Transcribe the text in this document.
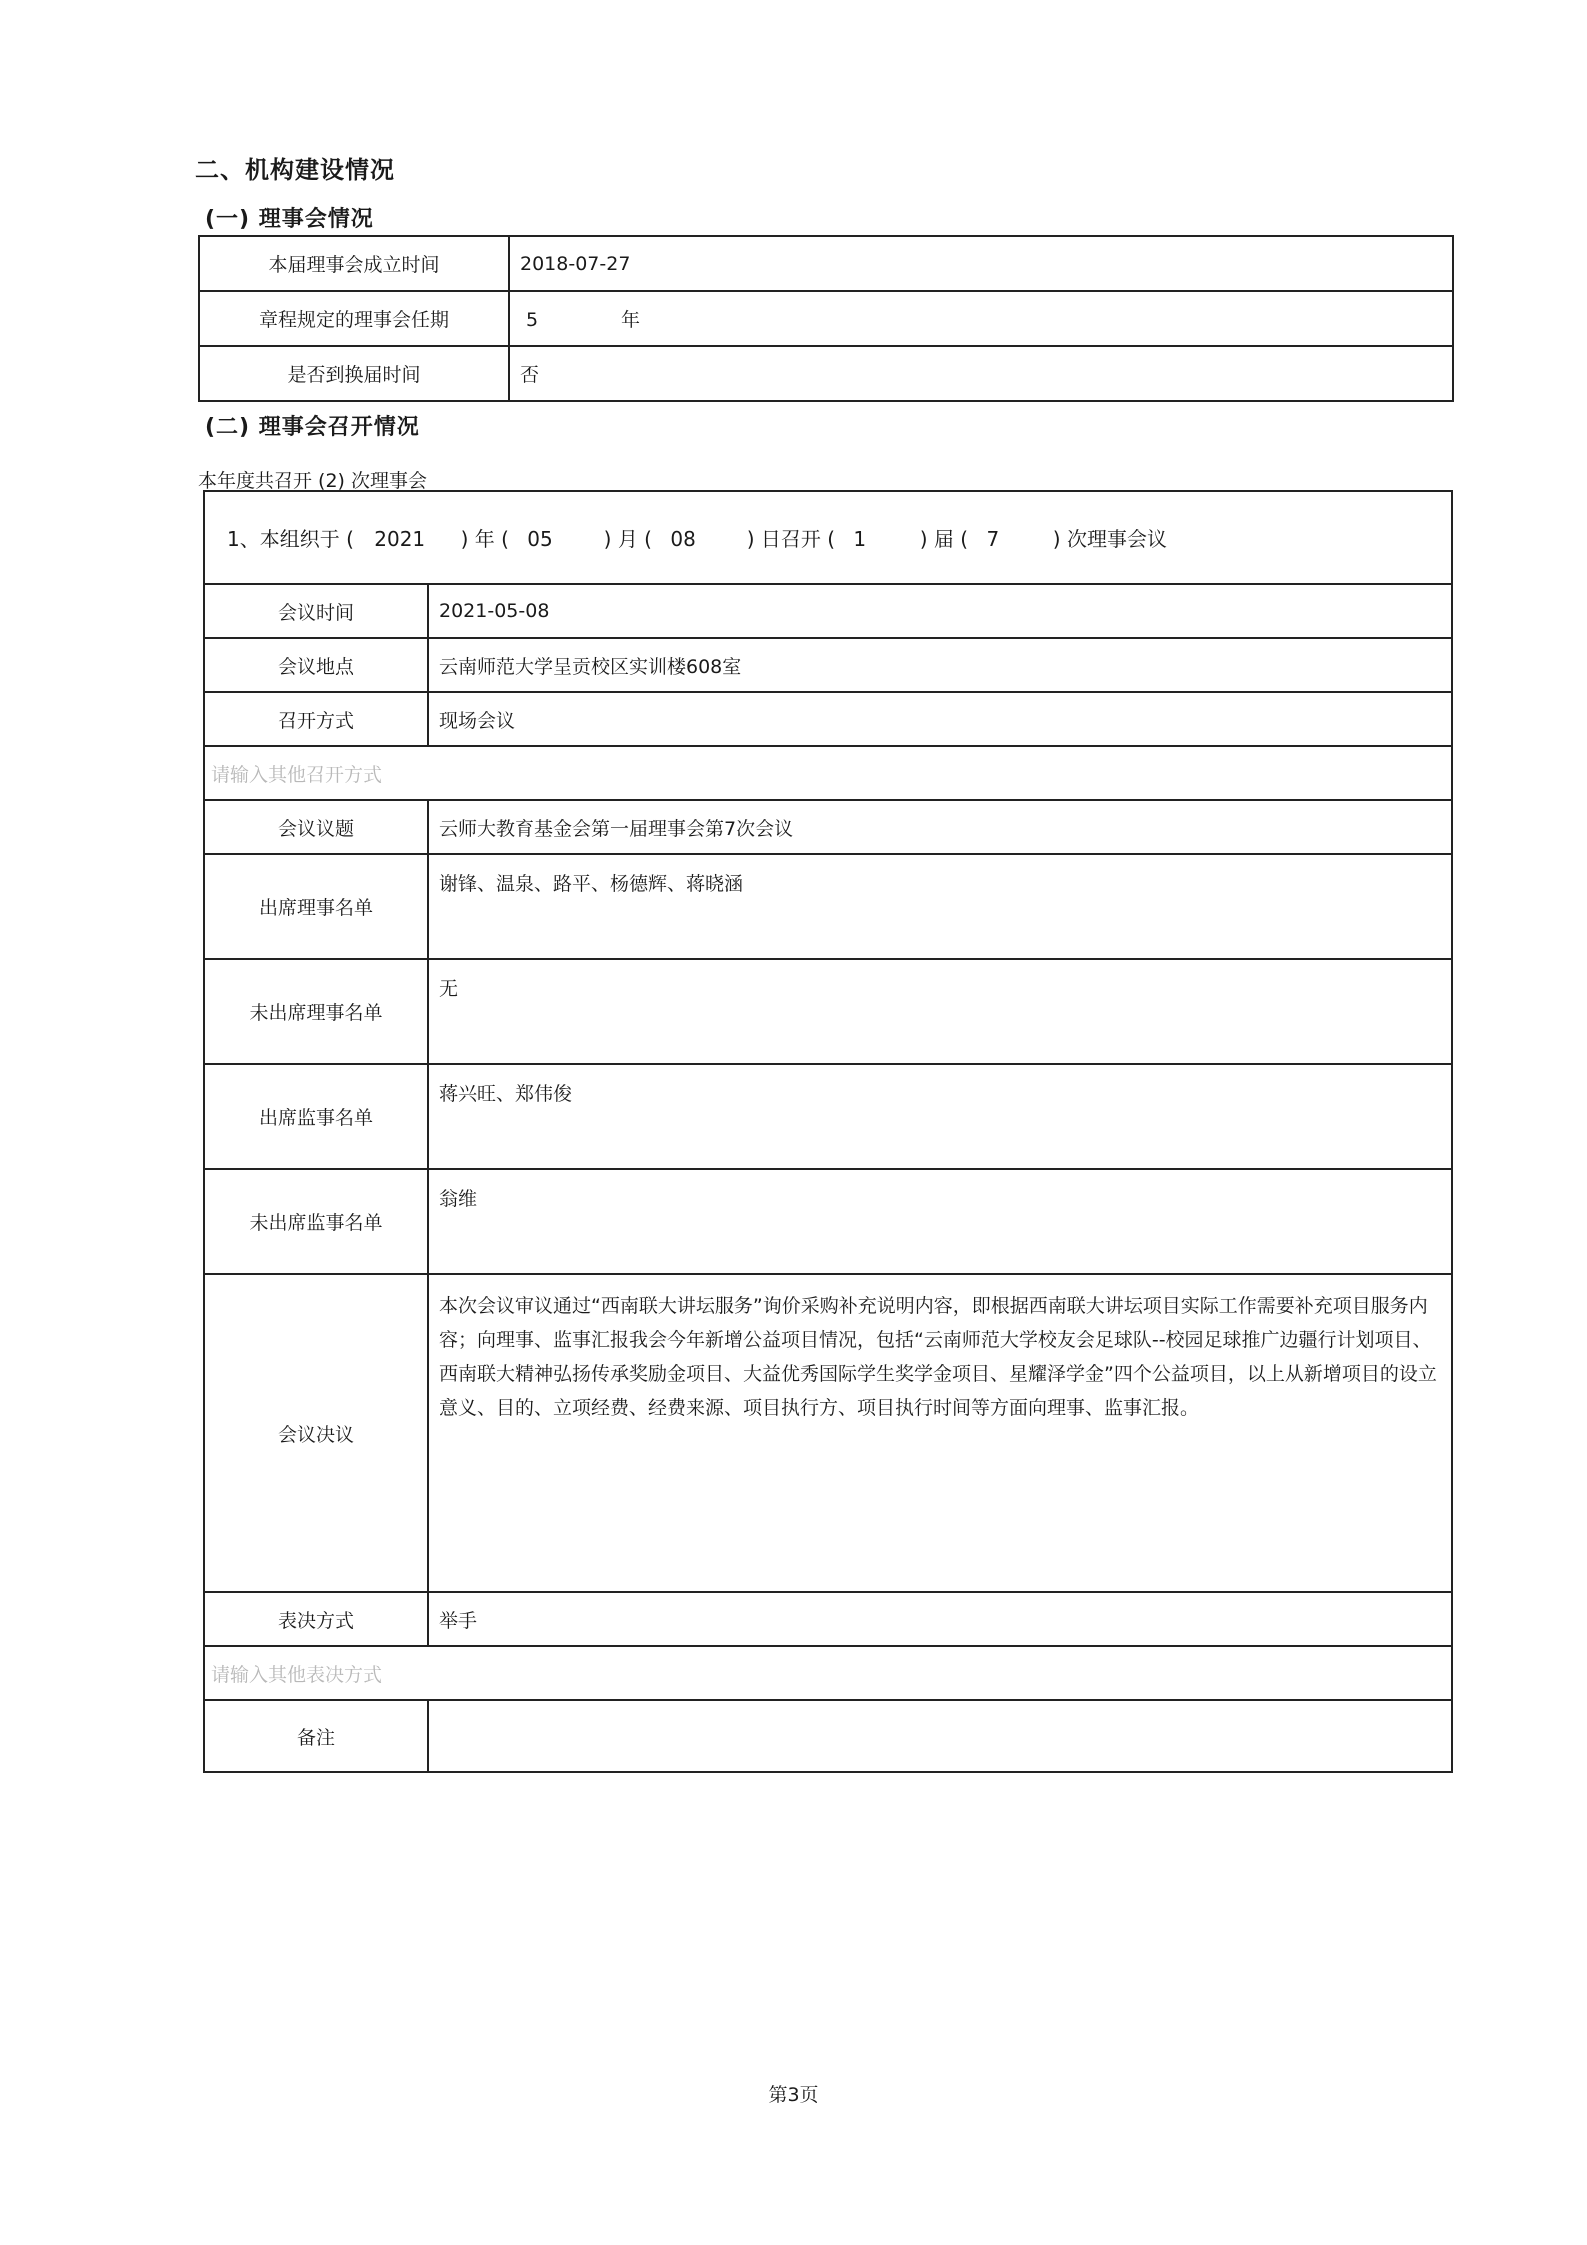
二、机构建设情况
(一) 理事会情况
本届理事会成立时间	2018-07-27
章程规定的理事会任期	5 年
是否到换届时间	否
(二) 理事会召开情况
本年度共召开 (2) 次理事会
1、本组织于 ( 2021 ) 年 ( 05 ) 月 ( 08 ) 日召开 ( 1 ) 届 ( 7 ) 次理事会议	
会议时间	2021-05-08
会议地点	云南师范大学呈贡校区实训楼608室
召开方式	现场会议
请输入其他召开方式	
会议议题	云师大教育基金会第一届理事会第7次会议
出席理事名单	谢锋、温泉、路平、杨德辉、蒋晓涵
未出席理事名单	无
出席监事名单	蒋兴旺、郑伟俊
未出席监事名单	翁维
会议决议	本次会议审议通过“西南联大讲坛服务”询价采购补充说明内容，即根据西南联大讲坛项目实际工作需要补充项目服务内容；向理事、监事汇报我会今年新增公益项目情况，包括“云南师范大学校友会足球队--校园足球推广边疆行计划项目、西南联大精神弘扬传承奖励金项目、大益优秀国际学生奖学金项目、星耀泽学金”四个公益项目，以上从新增项目的设立意义、目的、立项经费、经费来源、项目执行方、项目执行时间等方面向理事、监事汇报。
表决方式	举手
请输入其他表决方式	
备注	
第3页
